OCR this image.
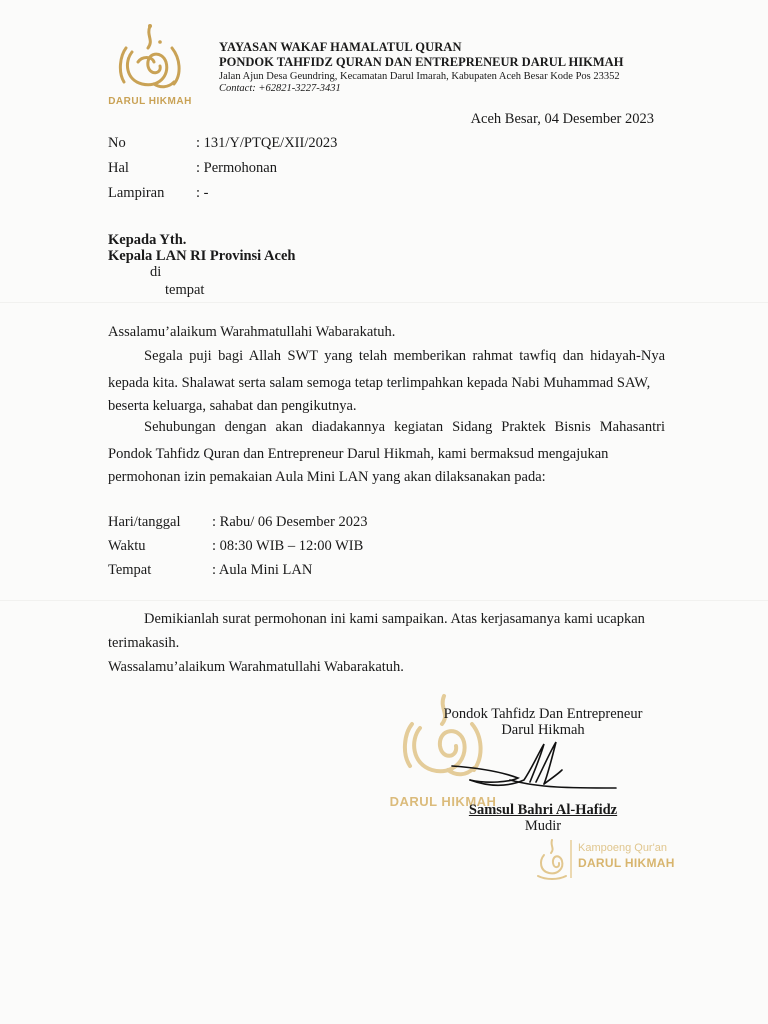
DARUL HIKMAH
YAYASAN WAKAF HAMALATUL QURAN
PONDOK TAHFIDZ QURAN DAN ENTREPRENEUR DARUL HIKMAH
Jalan Ajun Desa Geundring, Kecamatan Darul Imarah, Kabupaten Aceh Besar Kode Pos 23352
Contact: +62821-3227-3431
Aceh Besar, 04 Desember 2023
No	: 131/Y/PTQE/XII/2023
Hal	: Permohonan
Lampiran : -
Kepada Yth.
Kepala LAN RI Provinsi Aceh
di
tempat
Assalamu’alaikum Warahmatullahi Wabarakatuh.
Segala puji bagi Allah SWT yang telah memberikan rahmat tawfiq dan hidayah-Nya kepada kita. Shalawat serta salam semoga tetap terlimpahkan kepada Nabi Muhammad SAW,
beserta keluarga, sahabat dan pengikutnya.
Sehubungan dengan akan diadakannya kegiatan Sidang Praktek Bisnis Mahasantri Pondok Tahfidz Quran dan Entrepreneur Darul Hikmah, kami bermaksud mengajukan
permohonan izin pemakaian Aula Mini LAN yang akan dilaksanakan pada:
Hari/tanggal : Rabu/ 06 Desember 2023
Waktu	: 08:30 WIB – 12:00 WIB
Tempat	: Aula Mini LAN
Demikianlah surat permohonan ini kami sampaikan. Atas kerjasamanya kami ucapkan
terimakasih.
Wassalamu’alaikum Warahmatullahi Wabarakatuh.
DARUL HIKMAH
Pondok Tahfidz Dan Entrepreneur
Darul Hikmah
Samsul Bahri Al-Hafidz
Mudir
Kampoeng Qur'an
DARUL HIKMAH
